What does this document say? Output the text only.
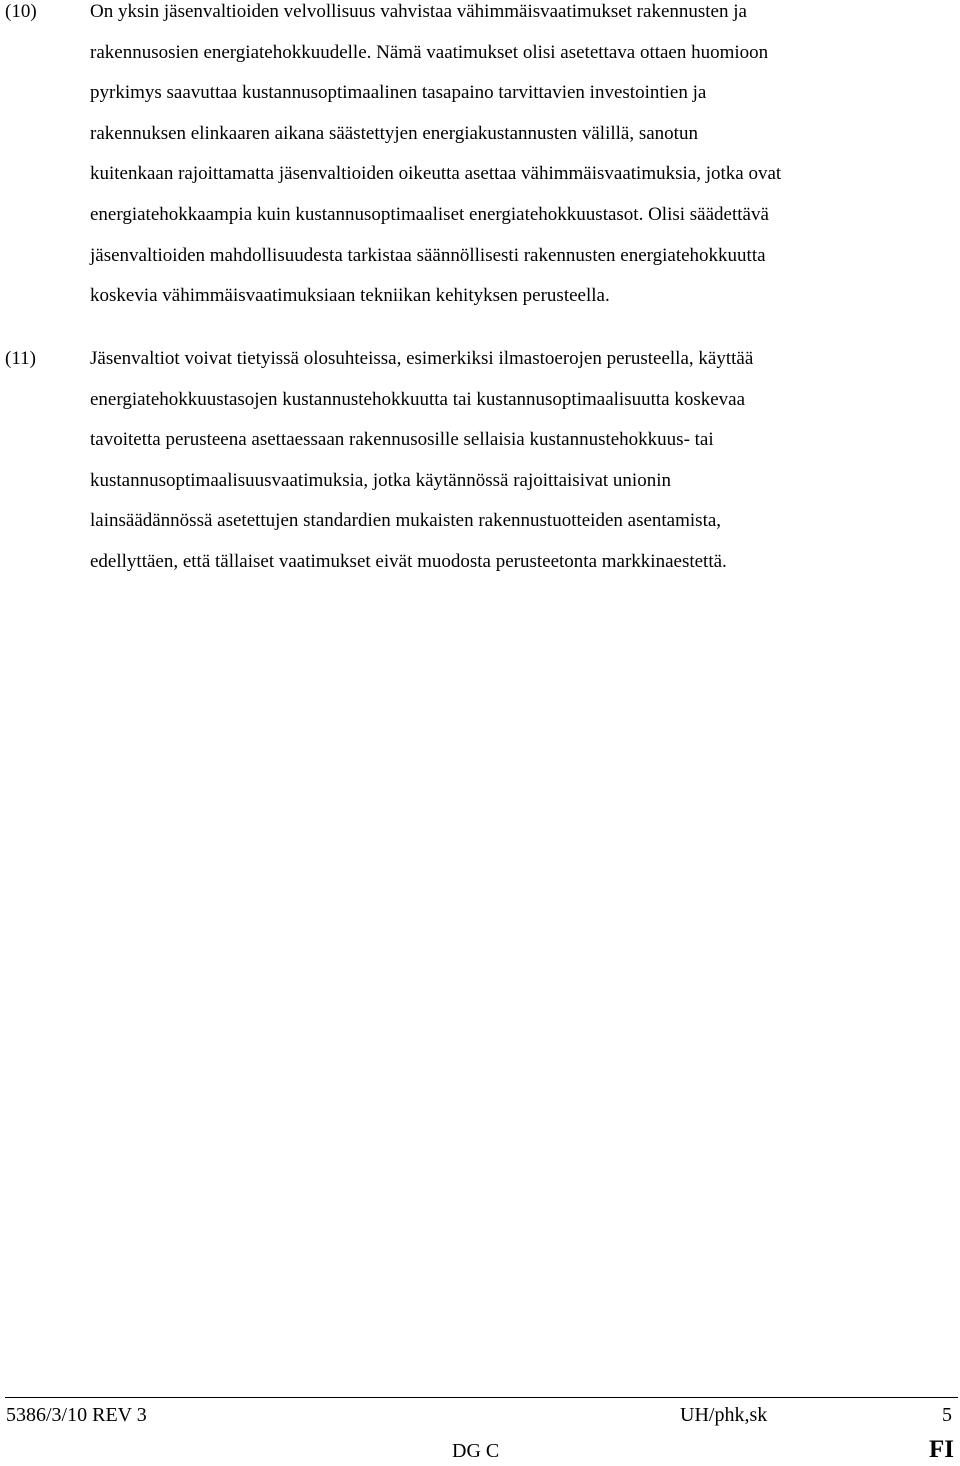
(10)	On yksin jäsenvaltioiden velvollisuus vahvistaa vähimmäisvaatimukset rakennusten ja
rakennusosien energiatehokkuudelle. Nämä vaatimukset olisi asetettava ottaen huomioon
pyrkimys saavuttaa kustannusoptimaalinen tasapaino tarvittavien investointien ja
rakennuksen elinkaaren aikana säästettyjen energiakustannusten välillä, sanotun
kuitenkaan rajoittamatta jäsenvaltioiden oikeutta asettaa vähimmäisvaatimuksia, jotka ovat
energiatehokkaampia kuin kustannusoptimaaliset energiatehokkuustasot. Olisi säädettävä
jäsenvaltioiden mahdollisuudesta tarkistaa säännöllisesti rakennusten energiatehokkuutta
koskevia vähimmäisvaatimuksiaan tekniikan kehityksen perusteella.
(11)	Jäsenvaltiot voivat tietyissä olosuhteissa, esimerkiksi ilmastoerojen perusteella, käyttää
energiatehokkuustasojen kustannustehokkuutta tai kustannusoptimaalisuutta koskevaa
tavoitetta perusteena asettaessaan rakennusosille sellaisia kustannustehokkuus- tai
kustannusoptimaalisuusvaatimuksia, jotka käytännössä rajoittaisivat unionin
lainsäädännössä asetettujen standardien mukaisten rakennustuotteiden asentamista,
edellyttäen, että tällaiset vaatimukset eivät muodosta perusteetonta markkinaestettä.
5386/3/10 REV 3	UH/phk,sk	5
DG C	FI
